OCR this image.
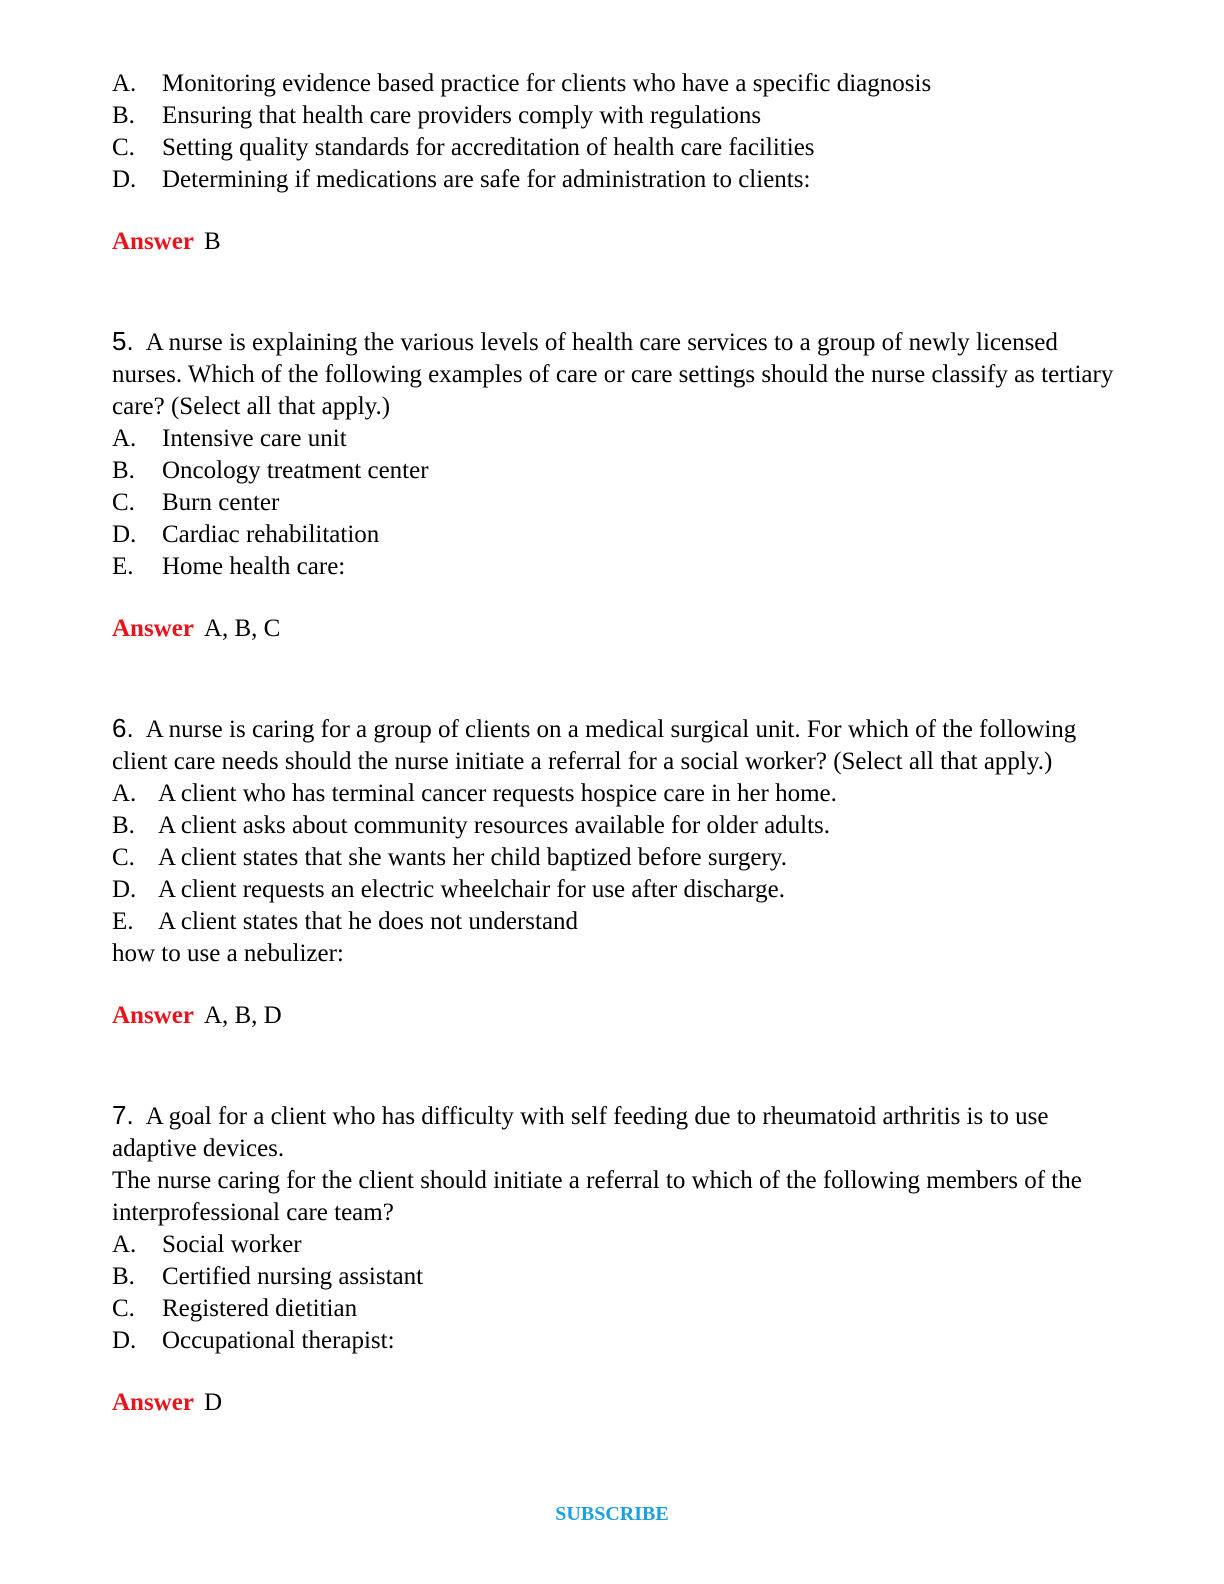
A. Monitoring evidence based practice for clients who have a specific diagnosis
B. Ensuring that health care providers comply with regulations
C. Setting quality standards for accreditation of health care facilities
D. Determining if medications are safe for administration to clients:
Answer B
5. A nurse is explaining the various levels of health care services to a group of newly licensed nurses. Which of the following examples of care or care settings should the nurse classify as tertiary care? (Select all that apply.)
A. Intensive care unit
B. Oncology treatment center
C. Burn center
D. Cardiac rehabilitation
E. Home health care:
Answer A, B, C
6. A nurse is caring for a group of clients on a medical surgical unit. For which of the following client care needs should the nurse initiate a referral for a social worker? (Select all that apply.)
A. A client who has terminal cancer requests hospice care in her home.
B. A client asks about community resources available for older adults.
C. A client states that she wants her child baptized before surgery.
D. A client requests an electric wheelchair for use after discharge.
E. A client states that he does not understand
how to use a nebulizer:
Answer A, B, D
7. A goal for a client who has difficulty with self feeding due to rheumatoid arthritis is to use adaptive devices.
The nurse caring for the client should initiate a referral to which of the following members of the interprofessional care team?
A. Social worker
B. Certified nursing assistant
C. Registered dietitian
D. Occupational therapist:
Answer D
SUBSCRIBE
